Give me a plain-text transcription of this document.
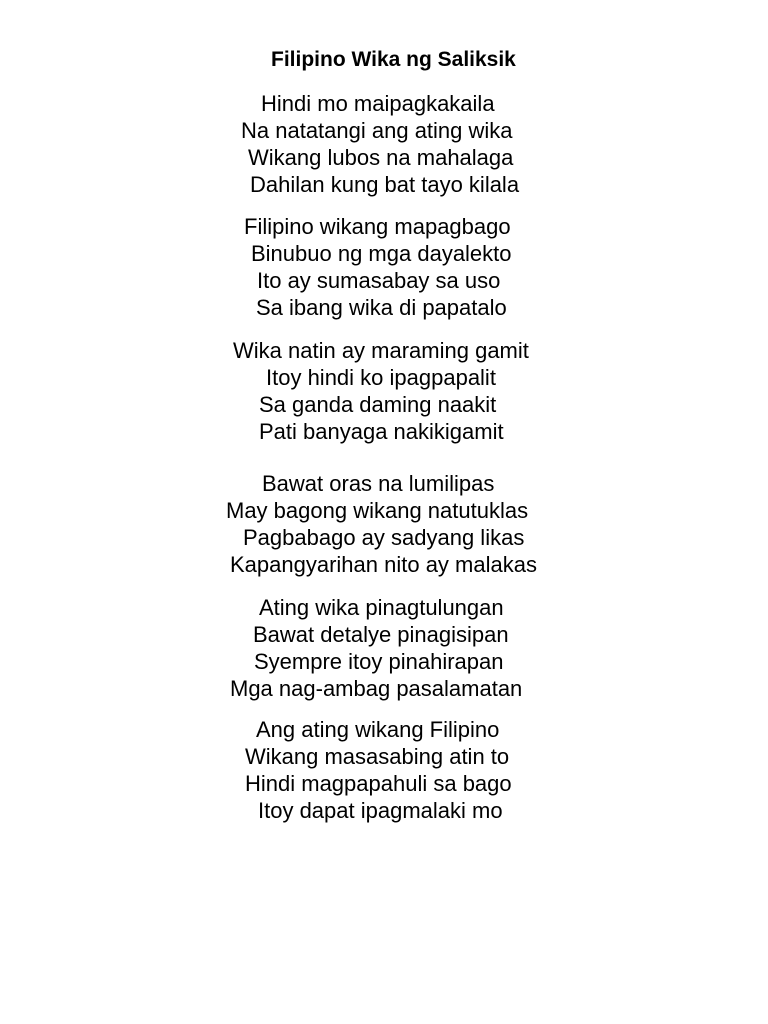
Filipino Wika ng Saliksik
Hindi mo maipagkakaila
Na natatangi ang ating wika
Wikang lubos na mahalaga
Dahilan kung bat tayo kilala
Filipino wikang mapagbago
Binubuo ng mga dayalekto
Ito ay sumasabay sa uso
Sa ibang wika di papatalo
Wika natin ay maraming gamit
Itoy hindi ko ipagpapalit
Sa ganda daming naakit
Pati banyaga nakikigamit
Bawat oras na lumilipas
May bagong wikang natutuklas
Pagbabago ay sadyang likas
Kapangyarihan nito ay malakas
Ating wika pinagtulungan
Bawat detalye pinagisipan
Syempre itoy pinahirapan
Mga nag-ambag pasalamatan
Ang ating wikang Filipino
Wikang masasabing atin to
Hindi magpapahuli sa bago
Itoy dapat ipagmalaki mo
